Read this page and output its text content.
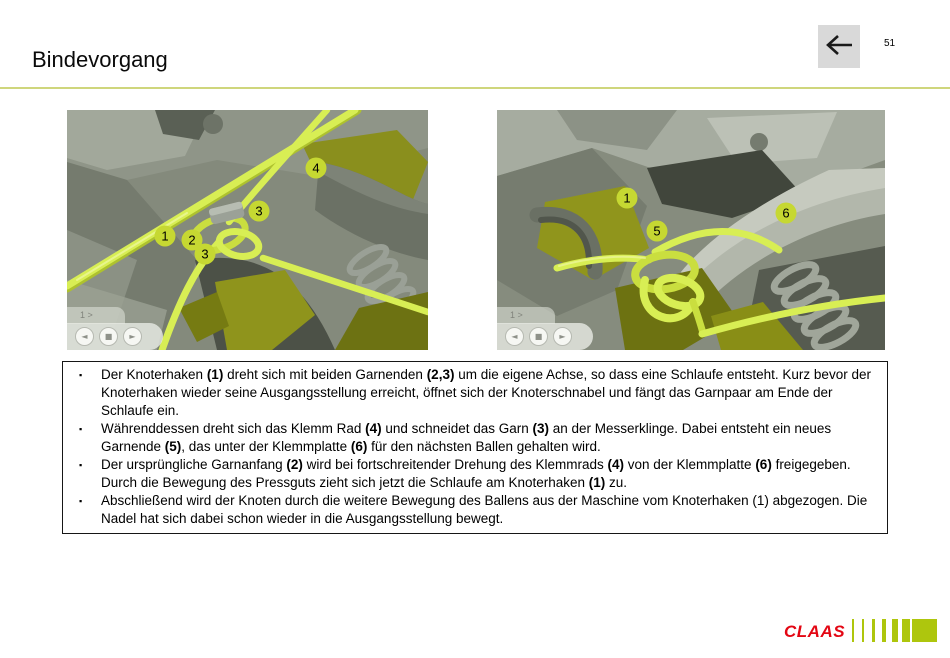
Bindevorgang
51
4
3
1	2
3
1 >
◄ ■ ►
1
5
6
1 >
◄ ■ ►
▪	Der Knoterhaken (1) dreht sich mit beiden Garnenden (2,3) um die eigene Achse, so dass eine Schlaufe entsteht. Kurz bevor der Knoterhaken wieder seine Ausgangsstellung erreicht, öffnet sich der Knoterschnabel und fängt das Garnpaar am Ende der Schlaufe ein.
▪	Währenddessen dreht sich das Klemm Rad (4) und schneidet das Garn (3) an der Messerklinge. Dabei entsteht ein neues Garnende (5), das unter der Klemmplatte (6) für den nächsten Ballen gehalten wird.
▪	Der ursprüngliche Garnanfang (2) wird bei fortschreitender Drehung des Klemmrads (4) von der Klemmplatte (6) freigegeben. Durch die Bewegung des Pressguts zieht sich jetzt die Schlaufe am Knoterhaken (1) zu.
▪	Abschließend wird der Knoten durch die weitere Bewegung des Ballens aus der Maschine vom Knoterhaken (1) abgezogen. Die Nadel hat sich dabei schon wieder in die Ausgangsstellung bewegt.
CLAAS
